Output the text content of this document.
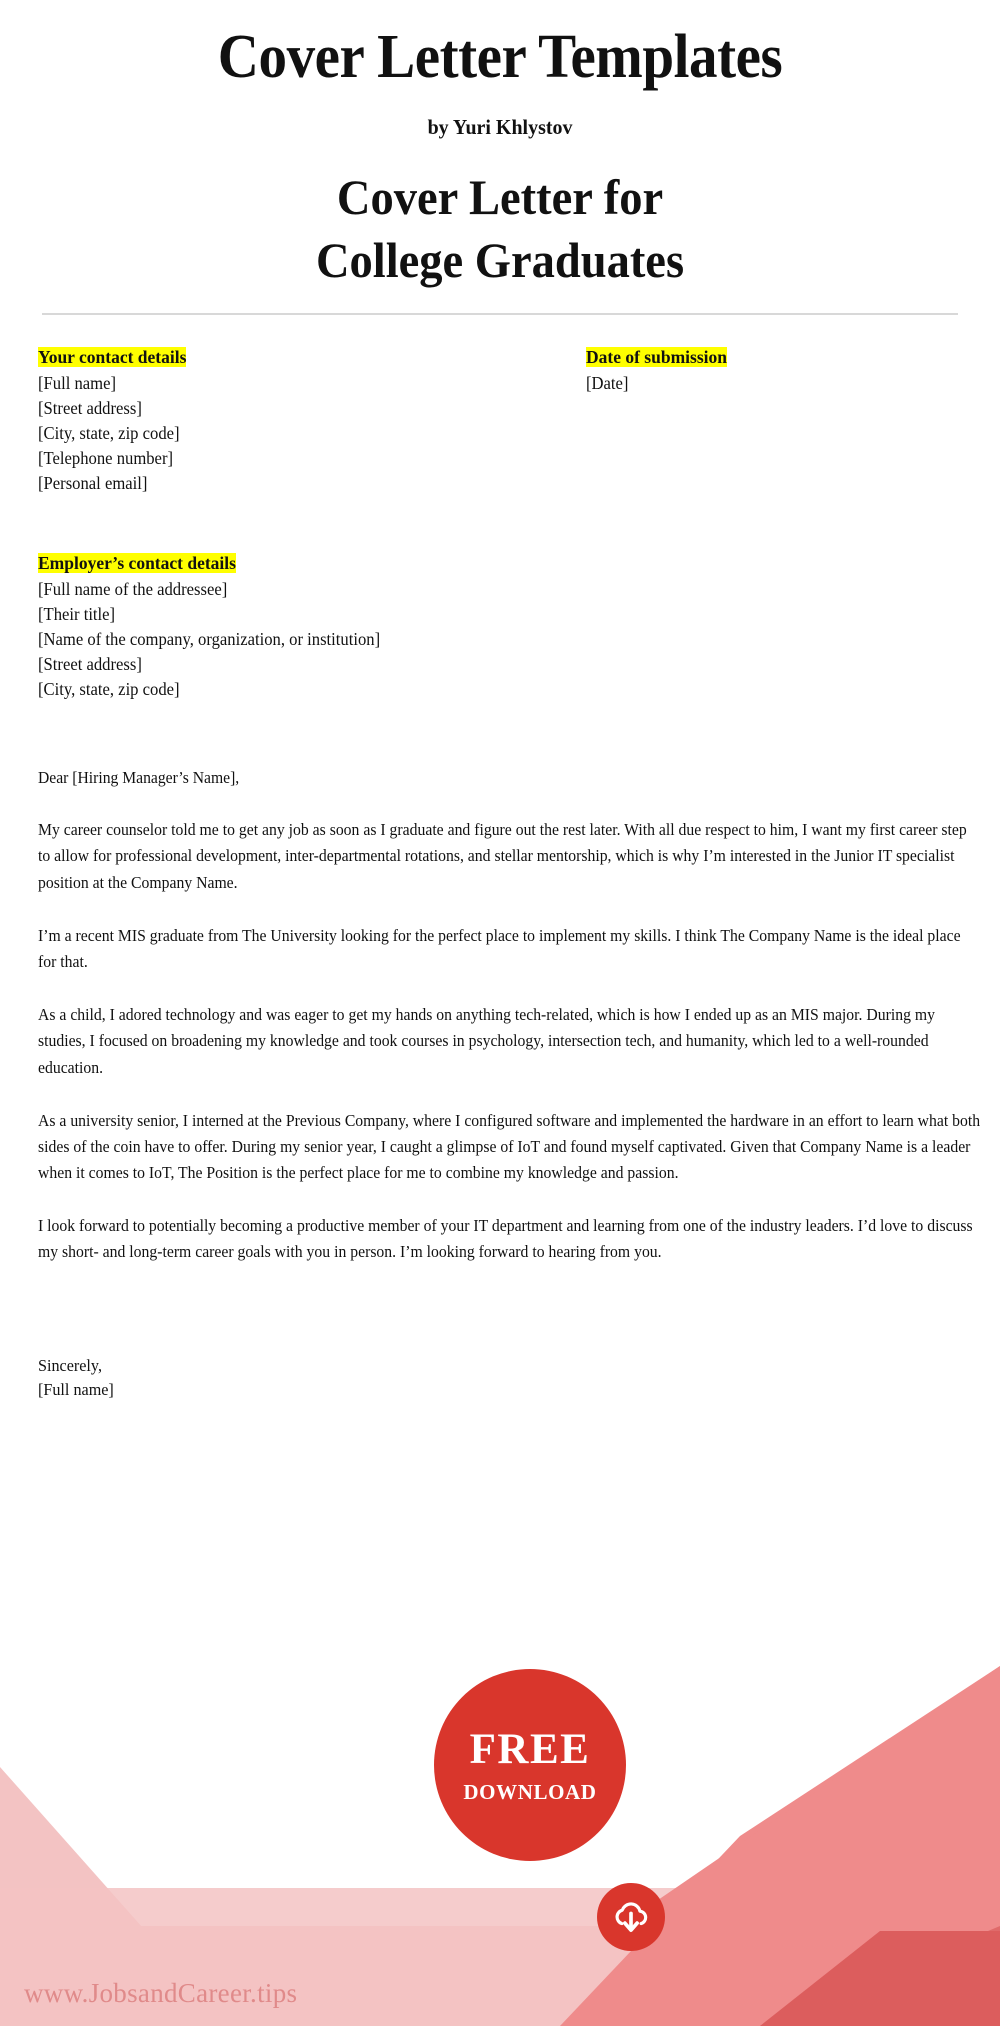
Cover Letter Templates
by Yuri Khlystov
Cover Letter for
College Graduates
Your contact details
[Full name]
[Street address]
[City, state, zip code]
[Telephone number]
[Personal email]
Date of submission
[Date]
Employer’s contact details
[Full name of the addressee]
[Their title]
[Name of the company, organization, or institution]
[Street address]
[City, state, zip code]
Dear [Hiring Manager’s Name],

My career counselor told me to get any job as soon as I graduate and figure out the rest later. With all due respect to him, I want my first career step to allow for professional development, inter-departmental rotations, and stellar mentorship, which is why I’m interested in the Junior IT specialist position at the Company Name.

I’m a recent MIS graduate from The University looking for the perfect place to implement my skills. I think The Company Name is the ideal place for that.

As a child, I adored technology and was eager to get my hands on anything tech-related, which is how I ended up as an MIS major. During my studies, I focused on broadening my knowledge and took courses in psychology, intersection tech, and humanity, which led to a well-rounded education.

As a university senior, I interned at the Previous Company, where I configured software and implemented the hardware in an effort to learn what both sides of the coin have to offer. During my senior year, I caught a glimpse of IoT and found myself captivated. Given that Company Name is a leader when it comes to IoT, The Position is the perfect place for me to combine my knowledge and passion.

I look forward to potentially becoming a productive member of your IT department and learning from one of the industry leaders. I’d love to discuss my short- and long-term career goals with you in person. I’m looking forward to hearing from you.

Sincerely,
[Full name]
FREE
DOWNLOAD
www.JobsandCareer.tips
